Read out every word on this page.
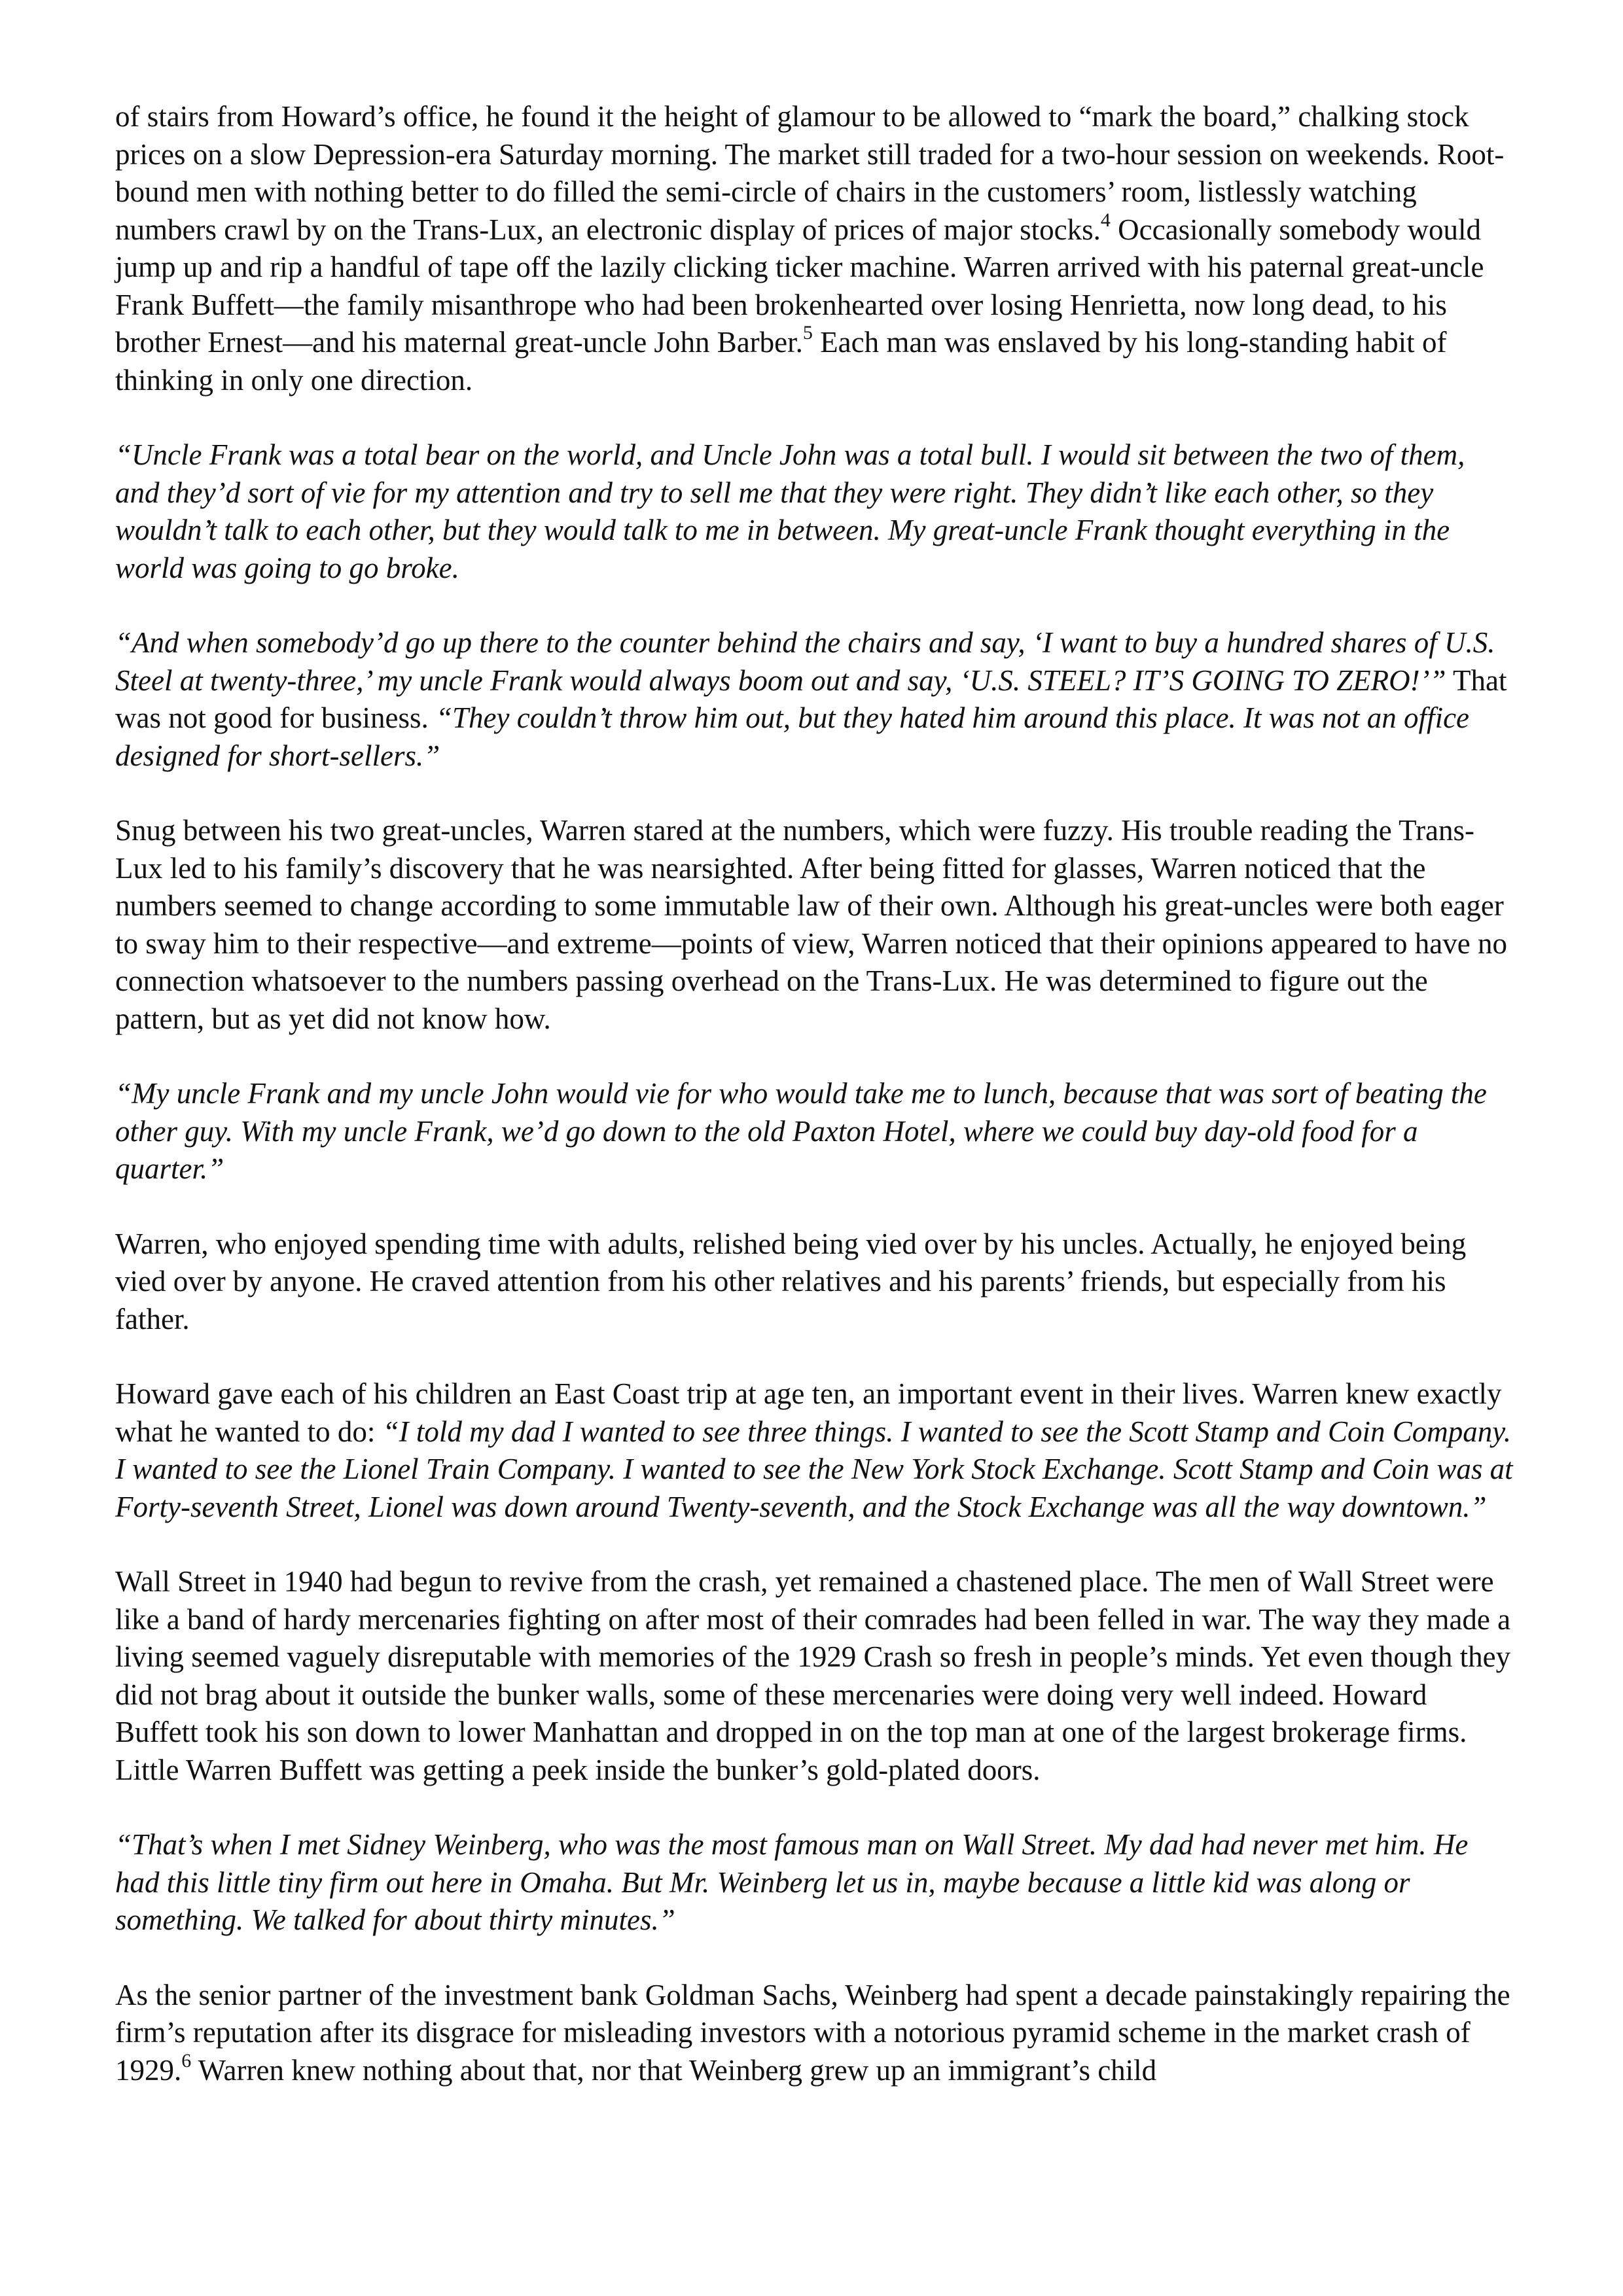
of stairs from Howard’s office, he found it the height of glamour to be allowed to “mark the board,” chalking stock prices on a slow Depression-era Saturday morning. The market still traded for a two-hour session on weekends. Root-bound men with nothing better to do filled the semi-circle of chairs in the customers’ room, listlessly watching numbers crawl by on the Trans-Lux, an electronic display of prices of major stocks.$^4$ Occasionally somebody would jump up and rip a handful of tape off the lazily clicking ticker machine. Warren arrived with his paternal great-uncle Frank Buffett—the family misanthrope who had been brokenhearted over losing Henrietta, now long dead, to his brother Ernest—and his maternal great-uncle John Barber.$^5$ Each man was enslaved by his long-standing habit of thinking in only one direction.

“Uncle Frank was a total bear on the world, and Uncle John was a total bull. I would sit between the two of them, and they’d sort of vie for my attention and try to sell me that they were right. They didn’t like each other, so they wouldn’t talk to each other, but they would talk to me in between. My great-uncle Frank thought everything in the world was going to go broke.

“And when somebody’d go up there to the counter behind the chairs and say, ‘I want to buy a hundred shares of U.S. Steel at twenty-three,’ my uncle Frank would always boom out and say, ‘U.S. STEEL? IT’S GOING TO ZERO!’” That was not good for business. “They couldn’t throw him out, but they hated him around this place. It was not an office designed for short-sellers.”

Snug between his two great-uncles, Warren stared at the numbers, which were fuzzy. His trouble reading the Trans-Lux led to his family’s discovery that he was nearsighted. After being fitted for glasses, Warren noticed that the numbers seemed to change according to some immutable law of their own. Although his great-uncles were both eager to sway him to their respective—and extreme—points of view, Warren noticed that their opinions appeared to have no connection whatsoever to the numbers passing overhead on the Trans-Lux. He was determined to figure out the pattern, but as yet did not know how.

“My uncle Frank and my uncle John would vie for who would take me to lunch, because that was sort of beating the other guy. With my uncle Frank, we’d go down to the old Paxton Hotel, where we could buy day-old food for a quarter.”

Warren, who enjoyed spending time with adults, relished being vied over by his uncles. Actually, he enjoyed being vied over by anyone. He craved attention from his other relatives and his parents’ friends, but especially from his father.

Howard gave each of his children an East Coast trip at age ten, an important event in their lives. Warren knew exactly what he wanted to do: “I told my dad I wanted to see three things. I wanted to see the Scott Stamp and Coin Company. I wanted to see the Lionel Train Company. I wanted to see the New York Stock Exchange. Scott Stamp and Coin was at Forty-seventh Street, Lionel was down around Twenty-seventh, and the Stock Exchange was all the way downtown.”

Wall Street in 1940 had begun to revive from the crash, yet remained a chastened place. The men of Wall Street were like a band of hardy mercenaries fighting on after most of their comrades had been felled in war. The way they made a living seemed vaguely disreputable with memories of the 1929 Crash so fresh in people’s minds. Yet even though they did not brag about it outside the bunker walls, some of these mercenaries were doing very well indeed. Howard Buffett took his son down to lower Manhattan and dropped in on the top man at one of the largest brokerage firms. Little Warren Buffett was getting a peek inside the bunker’s gold-plated doors.

“That’s when I met Sidney Weinberg, who was the most famous man on Wall Street. My dad had never met him. He had this little tiny firm out here in Omaha. But Mr. Weinberg let us in, maybe because a little kid was along or something. We talked for about thirty minutes.”

As the senior partner of the investment bank Goldman Sachs, Weinberg had spent a decade painstakingly repairing the firm’s reputation after its disgrace for misleading investors with a notorious pyramid scheme in the market crash of 1929.$^6$ Warren knew nothing about that, nor that Weinberg grew up an immigrant’s child
